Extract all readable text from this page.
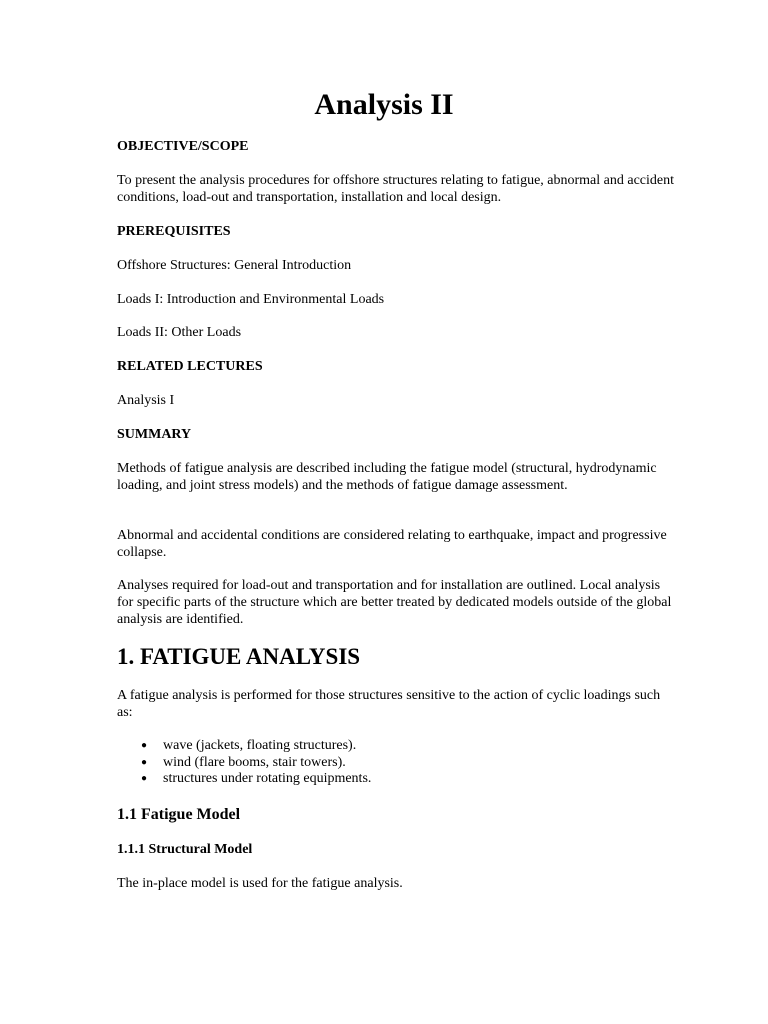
Analysis II
OBJECTIVE/SCOPE

To present the analysis procedures for offshore structures relating to fatigue, abnormal and accident conditions, load-out and transportation, installation and local design.

PREREQUISITES

Offshore Structures: General Introduction

Loads I: Introduction and Environmental Loads

Loads II: Other Loads

RELATED LECTURES

Analysis I

SUMMARY

Methods of fatigue analysis are described including the fatigue model (structural, hydrodynamic loading, and joint stress models) and the methods of fatigue damage assessment.

Abnormal and accidental conditions are considered relating to earthquake, impact and progressive collapse.

Analyses required for load-out and transportation and for installation are outlined. Local analysis for specific parts of the structure which are better treated by dedicated models outside of the global analysis are identified.

1. FATIGUE ANALYSIS

A fatigue analysis is performed for those structures sensitive to the action of cyclic loadings such as:

● wave (jackets, floating structures).
● wind (flare booms, stair towers).
● structures under rotating equipments.
1.1 Fatigue Model
1.1.1 Structural Model

The in-place model is used for the fatigue analysis.
